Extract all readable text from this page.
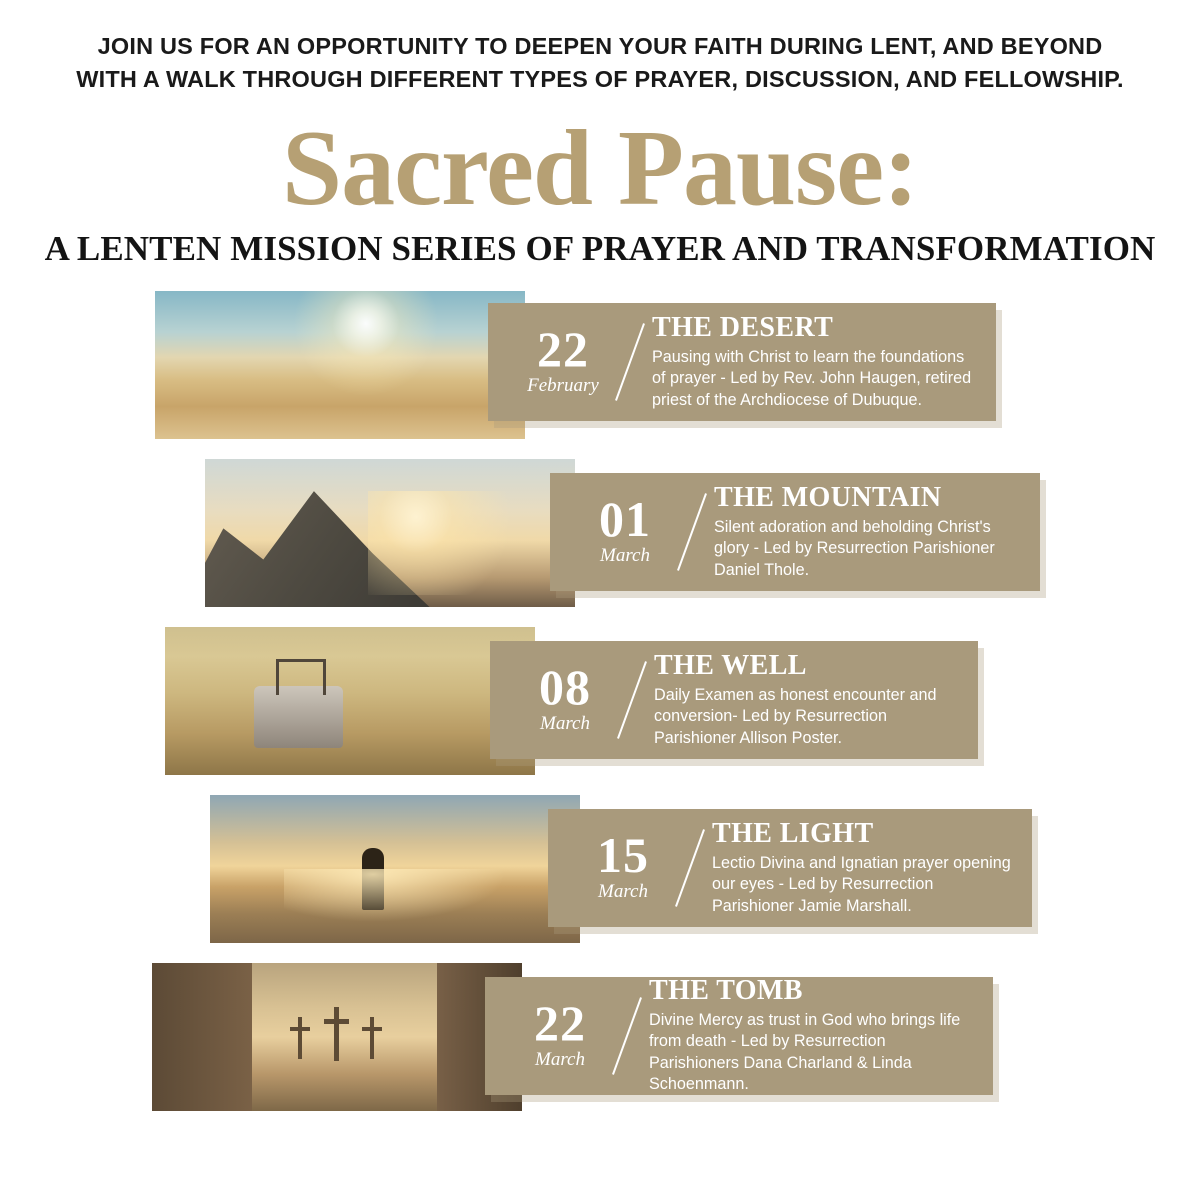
JOIN US FOR AN OPPORTUNITY TO DEEPEN YOUR FAITH DURING LENT, AND BEYOND
WITH A WALK THROUGH DIFFERENT TYPES OF PRAYER, DISCUSSION, AND FELLOWSHIP.
Sacred Pause:
A LENTEN MISSION SERIES OF PRAYER AND TRANSFORMATION
22
February
THE DESERT
Pausing with Christ to learn the foundations of prayer - Led by Rev. John Haugen, retired priest of the Archdiocese of Dubuque.
01
March
THE MOUNTAIN
Silent adoration and beholding Christ's glory - Led by Resurrection Parishioner Daniel Thole.
08
March
THE WELL
Daily Examen as honest encounter and conversion- Led by Resurrection Parishioner Allison Poster.
15
March
THE LIGHT
Lectio Divina and Ignatian prayer opening our eyes - Led by Resurrection Parishioner Jamie Marshall.
22
March
THE TOMB
Divine Mercy as trust in God who brings life from death - Led by Resurrection Parishioners Dana Charland & Linda Schoenmann.
